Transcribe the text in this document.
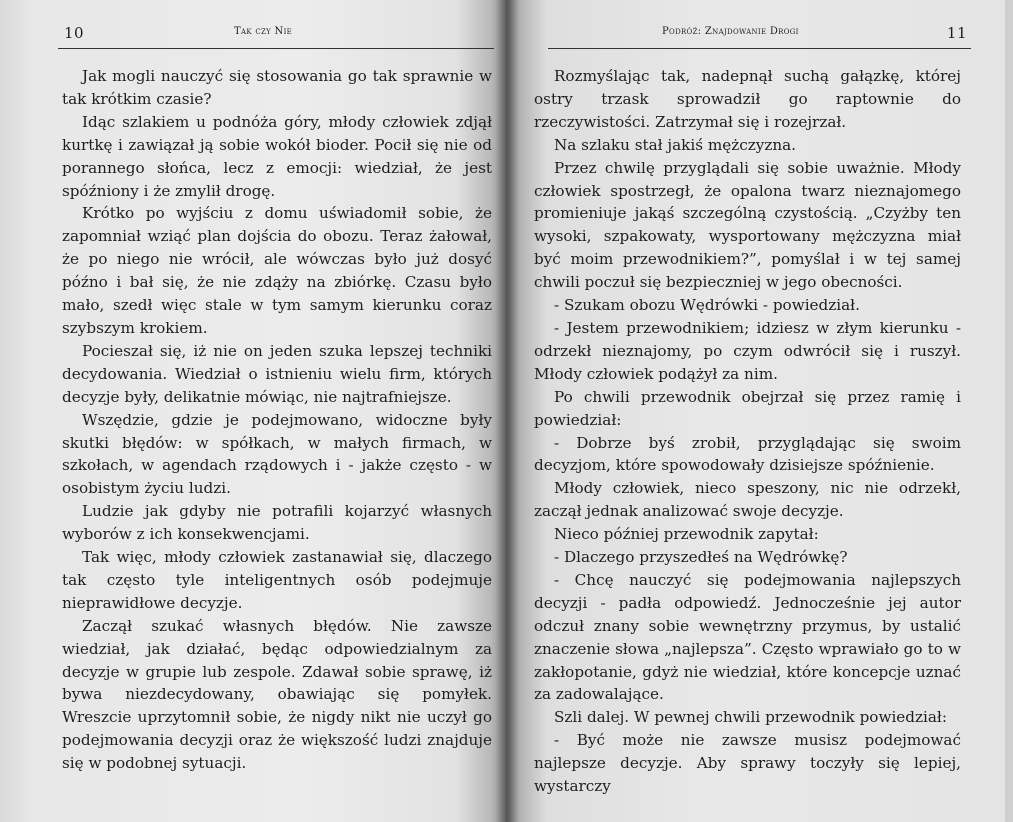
10	Tak czy Nie

Jak mogli nauczyć się stosowania go tak sprawnie w tak krótkim czasie?

Idąc szlakiem u podnóża góry, młody człowiek zdjął kurtkę i zawiązał ją sobie wokół bioder. Pocił się nie od porannego słońca, lecz z emocji: wiedział, że jest spóźniony i że zmylił drogę.

Krótko po wyjściu z domu uświadomił sobie, że zapomniał wziąć plan dojścia do obozu. Teraz żałował, że po niego nie wrócił, ale wówczas było już dosyć późno i bał się, że nie zdąży na zbiórkę. Czasu było mało, szedł więc stale w tym samym kierunku coraz szybszym krokiem.

Pocieszał się, iż nie on jeden szuka lepszej techniki decydowania. Wiedział o istnieniu wielu firm, których decyzje były, delikatnie mówiąc, nie najtrafniejsze.

Wszędzie, gdzie je podejmowano, widoczne były skutki błędów: w spółkach, w małych firmach, w szkołach, w agendach rządowych i - jakże często - w osobistym życiu ludzi.

Ludzie jak gdyby nie potrafili kojarzyć własnych wyborów z ich konsekwencjami.

Tak więc, młody człowiek zastanawiał się, dlaczego tak często tyle inteligentnych osób podejmuje nieprawidłowe decyzje.

Zaczął szukać własnych błędów. Nie zawsze wiedział, jak działać, będąc odpowiedzialnym za decyzje w grupie lub zespole. Zdawał sobie sprawę, iż bywa niezdecydowany, obawiając się pomyłek. Wreszcie uprzytomnił sobie, że nigdy nikt nie uczył go podejmowania decyzji oraz że większość ludzi znajduje się w podobnej sytuacji.

Podróż: Znajdowanie Drogi	11

Rozmyślając tak, nadepnął suchą gałązkę, której ostry trzask sprowadził go raptownie do rzeczywistości. Zatrzymał się i rozejrzał.

Na szlaku stał jakiś mężczyzna.

Przez chwilę przyglądali się sobie uważnie. Młody człowiek spostrzegł, że opalona twarz nieznajomego promieniuje jakąś szczególną czystością. „Czyżby ten wysoki, szpakowaty, wysportowany mężczyzna miał być moim przewodnikiem?”, pomyślał i w tej samej chwili poczuł się bezpieczniej w jego obecności.

- Szukam obozu Wędrówki - powiedział.

- Jestem przewodnikiem; idziesz w złym kierunku - odrzekł nieznajomy, po czym odwrócił się i ruszył. Młody człowiek podążył za nim.

Po chwili przewodnik obejrzał się przez ramię i powiedział:

- Dobrze byś zrobił, przyglądając się swoim decyzjom, które spowodowały dzisiejsze spóźnienie.

Młody człowiek, nieco speszony, nic nie odrzekł, zaczął jednak analizować swoje decyzje.

Nieco później przewodnik zapytał:

- Dlaczego przyszedłeś na Wędrówkę?

- Chcę nauczyć się podejmowania najlepszych decyzji - padła odpowiedź. Jednocześnie jej autor odczuł znany sobie wewnętrzny przymus, by ustalić znaczenie słowa „najlepsza”. Często wprawiało go to w zakłopotanie, gdyż nie wiedział, które koncepcje uznać za zadowalające.

Szli dalej. W pewnej chwili przewodnik powiedział:

- Być może nie zawsze musisz podejmować najlepsze decyzje. Aby sprawy toczyły się lepiej, wystarczy
